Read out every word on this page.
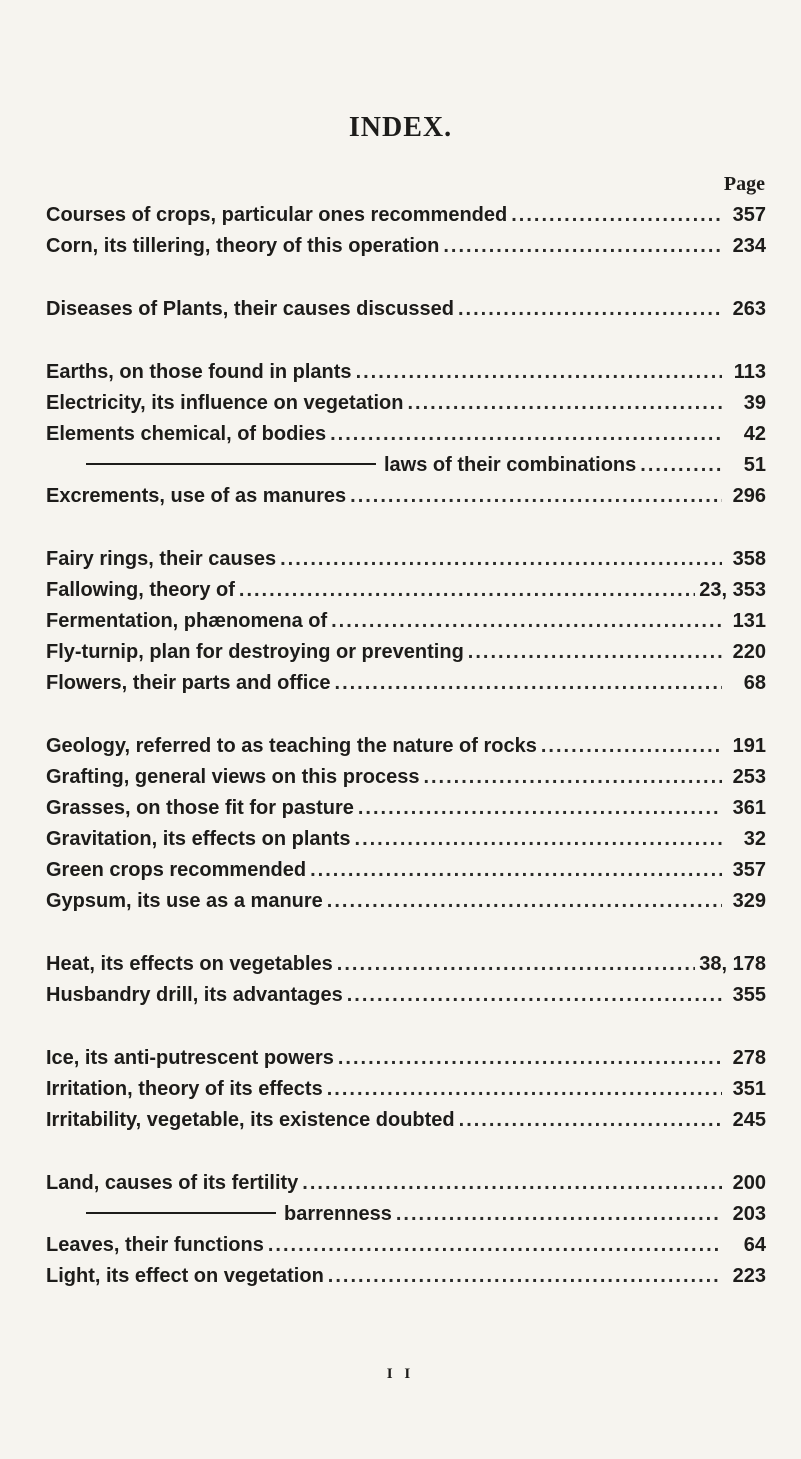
INDEX.
Page
Courses of crops, particular ones recommended .....	357
Corn, its tillering, theory of this operation .....	234
Diseases of Plants, their causes discussed .....	263
Earths, on those found in plants .....	113
Electricity, its influence on vegetation .....	39
Elements chemical, of bodies .....	42
laws of their combinations .....	51
Excrements, use of as manures .....	296
Fairy rings, their causes .....	358
Fallowing, theory of .....	23, 353
Fermentation, phænomena of .....	131
Fly-turnip, plan for destroying or preventing .....	220
Flowers, their parts and office .....	68
Geology, referred to as teaching the nature of rocks .....	191
Grafting, general views on this process .....	253
Grasses, on those fit for pasture .....	361
Gravitation, its effects on plants .....	32
Green crops recommended .....	357
Gypsum, its use as a manure .....	329
Heat, its effects on vegetables .....	38, 178
Husbandry drill, its advantages .....	355
Ice, its anti-putrescent powers .....	278
Irritation, theory of its effects .....	351
Irritability, vegetable, its existence doubted .....	245
Land, causes of its fertility .....	200
barrenness .....	203
Leaves, their functions .....	64
Light, its effect on vegetation .....	223
I I
